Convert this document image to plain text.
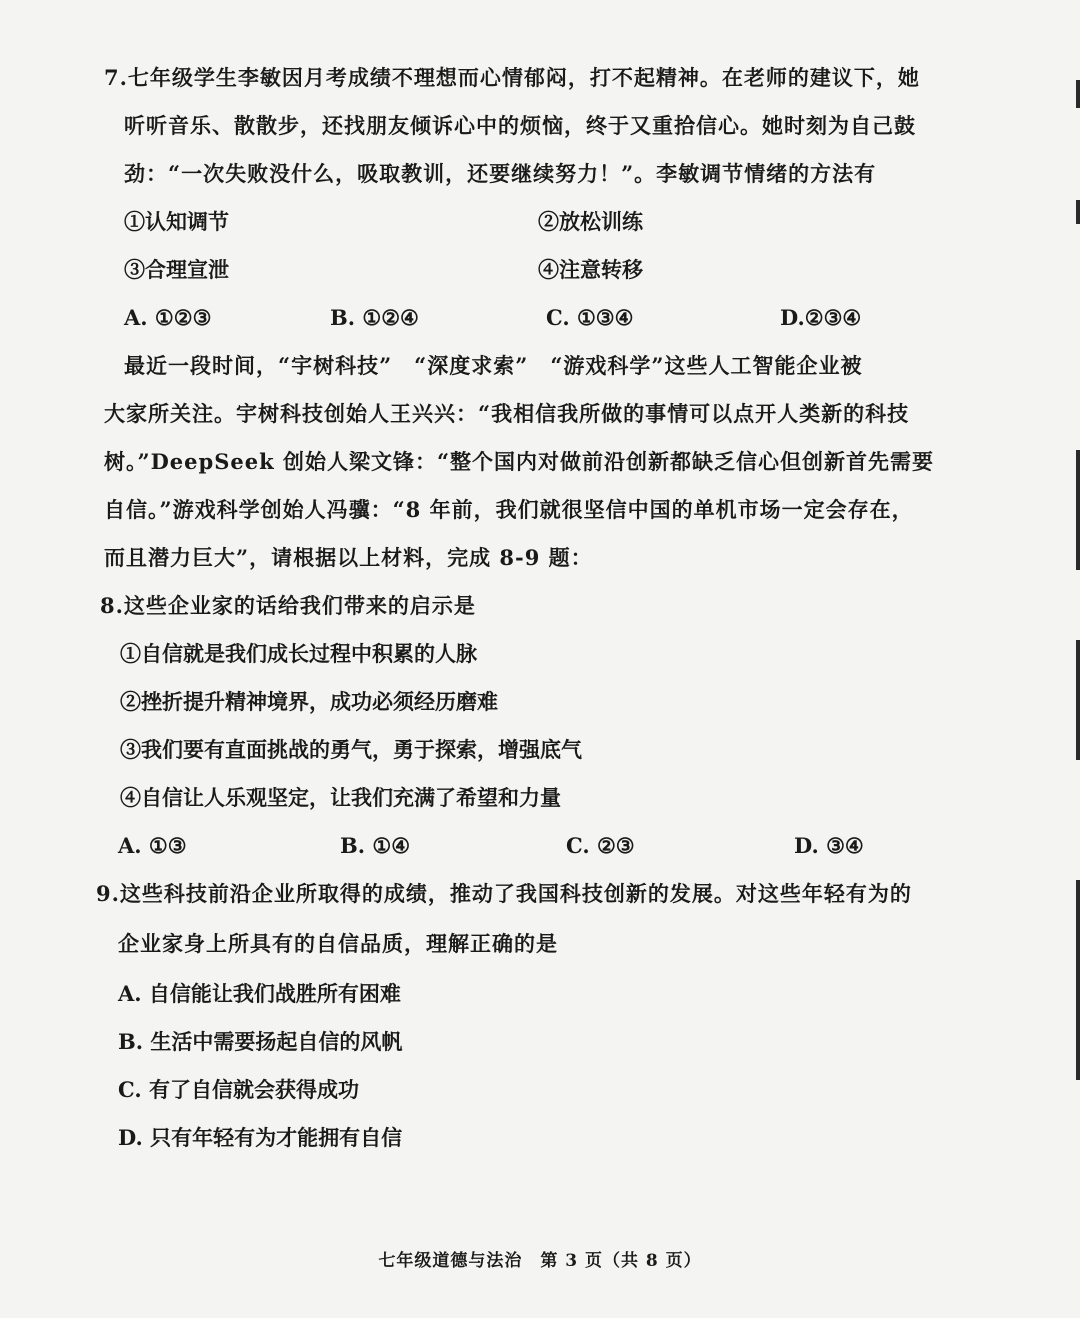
7.七年级学生李敏因月考成绩不理想而心情郁闷，打不起精神。在老师的建议下，她
听听音乐、散散步，还找朋友倾诉心中的烦恼，终于又重拾信心。她时刻为自己鼓
劲：“一次失败没什么，吸取教训，还要继续努力！”。李敏调节情绪的方法有
①认知调节	②放松训练
③合理宣泄	④注意转移
A. ①②③	B. ①②④	C. ①③④	D.②③④
最近一段时间，“宇树科技”　“深度求索”　“游戏科学”这些人工智能企业被
大家所关注。宇树科技创始人王兴兴：“我相信我所做的事情可以点开人类新的科技
树。”DeepSeek 创始人梁文锋：“整个国内对做前沿创新都缺乏信心但创新首先需要
自信。”游戏科学创始人冯骥：“8 年前，我们就很坚信中国的单机市场一定会存在，
而且潜力巨大”，请根据以上材料，完成 8-9 题：
8.这些企业家的话给我们带来的启示是
①自信就是我们成长过程中积累的人脉
②挫折提升精神境界，成功必须经历磨难
③我们要有直面挑战的勇气，勇于探索，增强底气
④自信让人乐观坚定，让我们充满了希望和力量
A. ①③	B. ①④	C. ②③	D. ③④
9.这些科技前沿企业所取得的成绩，推动了我国科技创新的发展。对这些年轻有为的
企业家身上所具有的自信品质，理解正确的是
A. 自信能让我们战胜所有困难
B. 生活中需要扬起自信的风帆
C. 有了自信就会获得成功
D. 只有年轻有为才能拥有自信
七年级道德与法治　第 3 页（共 8 页）
